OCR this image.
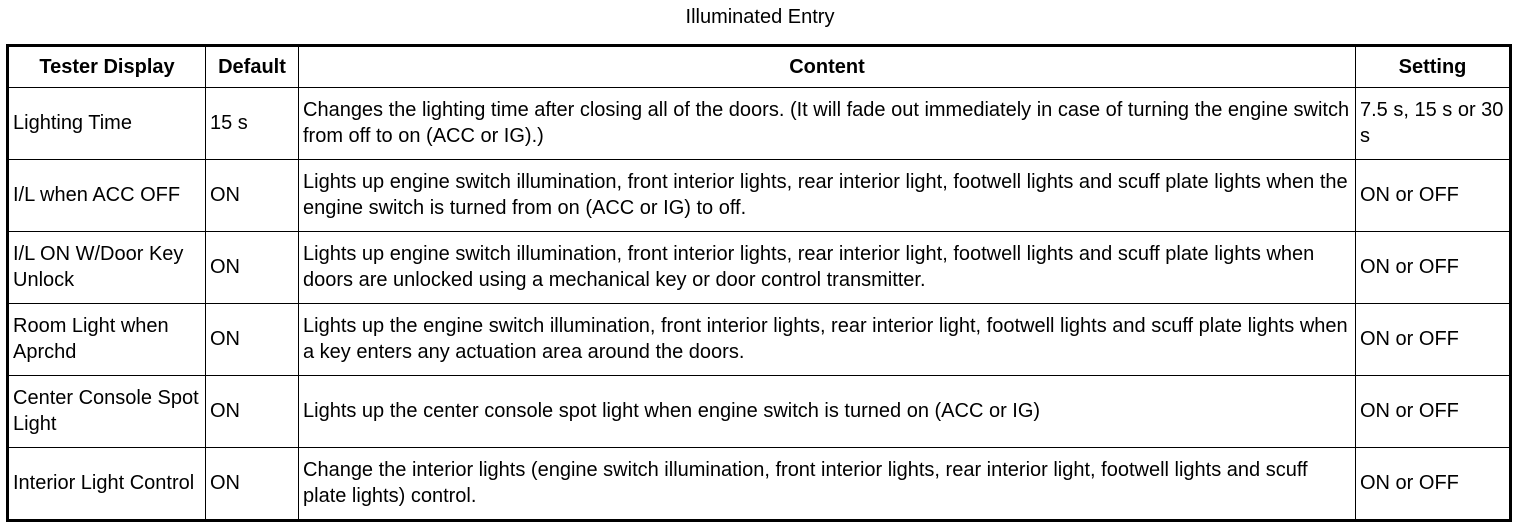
Illuminated Entry
Tester Display	Default	Content	Setting
Lighting Time	15 s	Changes the lighting time after closing all of the doors. (It will fade out immediately in case of turning the engine switch from off to on (ACC or IG).)	7.5 s, 15 s or 30 s
I/L when ACC OFF	ON	Lights up engine switch illumination, front interior lights, rear interior light, footwell lights and scuff plate lights when the engine switch is turned from on (ACC or IG) to off.	ON or OFF
I/L ON W/Door Key Unlock	ON	Lights up engine switch illumination, front interior lights, rear interior light, footwell lights and scuff plate lights when doors are unlocked using a mechanical key or door control transmitter.	ON or OFF
Room Light when Aprchd	ON	Lights up the engine switch illumination, front interior lights, rear interior light, footwell lights and scuff plate lights when a key enters any actuation area around the doors.	ON or OFF
Center Console Spot Light	ON	Lights up the center console spot light when engine switch is turned on (ACC or IG)	ON or OFF
Interior Light Control	ON	Change the interior lights (engine switch illumination, front interior lights, rear interior light, footwell lights and scuff plate lights) control.	ON or OFF
